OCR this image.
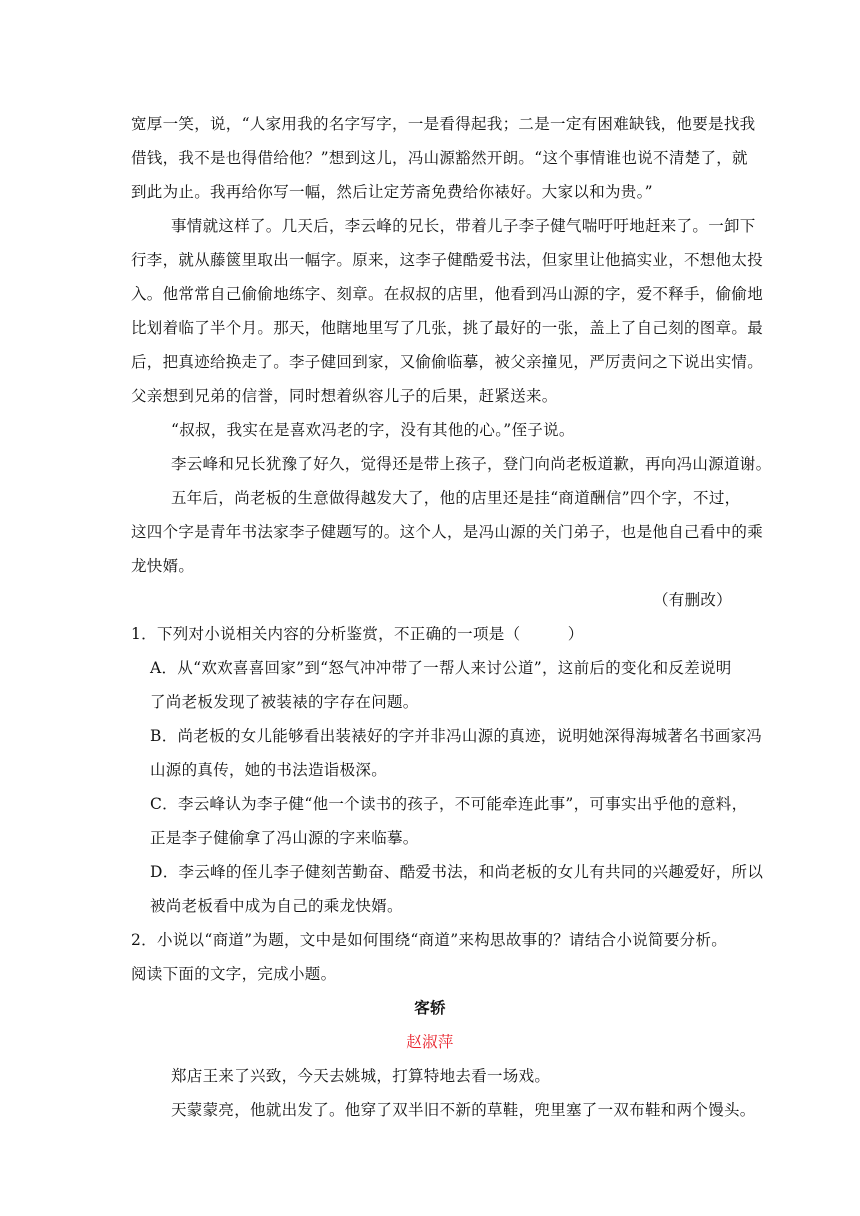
宽厚一笑，说，“人家用我的名字写字，一是看得起我；二是一定有困难缺钱，他要是找我
借钱，我不是也得借给他？”想到这儿，冯山源豁然开朗。“这个事情谁也说不清楚了，就
到此为止。我再给你写一幅，然后让定芳斋免费给你裱好。大家以和为贵。”
事情就这样了。几天后，李云峰的兄长，带着儿子李子健气喘吁吁地赶来了。一卸下
行李，就从藤篋里取出一幅字。原来，这李子健酷爱书法，但家里让他搞实业，不想他太投
入。他常常自己偷偷地练字、刻章。在叔叔的店里，他看到冯山源的字，爱不释手，偷偷地
比划着临了半个月。那天，他瞎地里写了几张，挑了最好的一张，盖上了自己刻的图章。最
后，把真迹给换走了。李子健回到家，又偷偷临摹，被父亲撞见，严厉责问之下说出实情。
父亲想到兄弟的信誉，同时想着纵容儿子的后果，赶紧送来。
“叔叔，我实在是喜欢冯老的字，没有其他的心。”侄子说。
李云峰和兄长犹豫了好久，觉得还是带上孩子，登门向尚老板道歉，再向冯山源道谢。
五年后，尚老板的生意做得越发大了，他的店里还是挂“商道酬信”四个字，不过，
这四个字是青年书法家李子健题写的。这个人，是冯山源的关门弟子，也是他自己看中的乘
龙快婿。
（有删改）
1．下列对小说相关内容的分析鉴赏，不正确的一项是（　　　）
A．从“欢欢喜喜回家”到“怒气冲冲带了一帮人来讨公道”，这前后的变化和反差说明
了尚老板发现了被装裱的字存在问题。
B．尚老板的女儿能够看出装裱好的字并非冯山源的真迹，说明她深得海城著名书画家冯
山源的真传，她的书法造诣极深。
C．李云峰认为李子健“他一个读书的孩子，不可能牵连此事”，可事实出乎他的意料，
正是李子健偷拿了冯山源的字来临摹。
D．李云峰的侄儿李子健刻苦勤奋、酷爱书法，和尚老板的女儿有共同的兴趣爱好，所以
被尚老板看中成为自己的乘龙快婿。
2．小说以“商道”为题，文中是如何围绕“商道”来构思故事的？请结合小说简要分析。
阅读下面的文字，完成小题。
客轿
赵淑萍
郑店王来了兴致，今天去姚城，打算特地去看一场戏。
天蒙蒙亮，他就出发了。他穿了双半旧不新的草鞋，兜里塞了一双布鞋和两个馒头。
